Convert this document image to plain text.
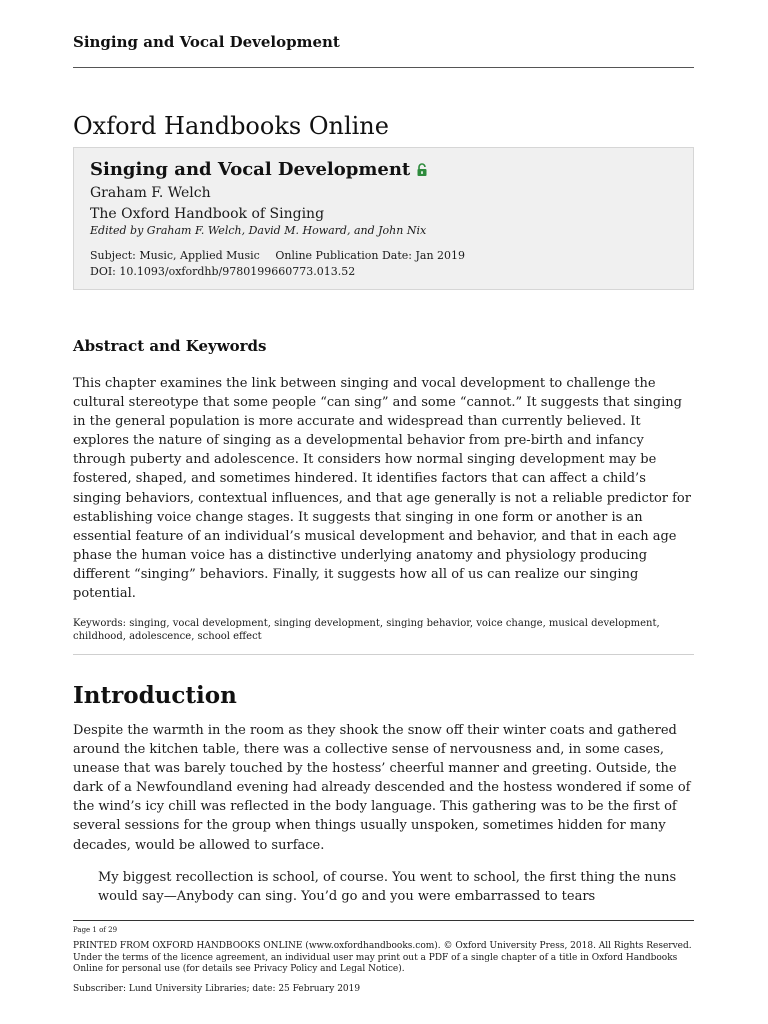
Singing and Vocal Development
Oxford Handbooks Online
Singing and Vocal Development
Graham F. Welch
The Oxford Handbook of Singing
Edited by Graham F. Welch, David M. Howard, and John Nix
Subject: Music, Applied Music Online Publication Date: Jan 2019
DOI: 10.1093/oxfordhb/9780199660773.013.52
Abstract and Keywords

This chapter examines the link between singing and vocal development to challenge the cultural stereotype that some people “can sing” and some “cannot.” It suggests that singing in the general population is more accurate and widespread than currently believed. It explores the nature of singing as a developmental behavior from pre-birth and infancy through puberty and adolescence. It considers how normal singing development may be fostered, shaped, and sometimes hindered. It identifies factors that can affect a child’s singing behaviors, contextual influences, and that age generally is not a reliable predictor for establishing voice change stages. It suggests that singing in one form or another is an essential feature of an individual’s musical development and behavior, and that in each age phase the human voice has a distinctive underlying anatomy and physiology producing different “singing” behaviors. Finally, it suggests how all of us can realize our singing potential.

Keywords: singing, vocal development, singing development, singing behavior, voice change, musical development, childhood, adolescence, school effect

Introduction

Despite the warmth in the room as they shook the snow off their winter coats and gathered around the kitchen table, there was a collective sense of nervousness and, in some cases, unease that was barely touched by the hostess’ cheerful manner and greeting. Outside, the dark of a Newfoundland evening had already descended and the hostess wondered if some of the wind’s icy chill was reflected in the body language. This gathering was to be the first of several sessions for the group when things usually unspoken, sometimes hidden for many decades, would be allowed to surface.

My biggest recollection is school, of course. You went to school, the first thing the nuns would say—Anybody can sing. You’d go and you were embarrassed to tears

Page 1 of 29

PRINTED FROM OXFORD HANDBOOKS ONLINE (www.oxfordhandbooks.com). © Oxford University Press, 2018. All Rights Reserved. Under the terms of the licence agreement, an individual user may print out a PDF of a single chapter of a title in Oxford Handbooks Online for personal use (for details see Privacy Policy and Legal Notice).

Subscriber: Lund University Libraries; date: 25 February 2019
